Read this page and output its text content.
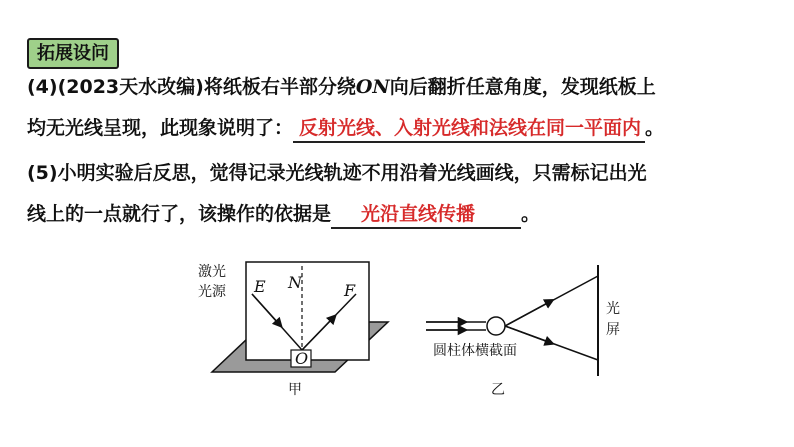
拓展设问
(4)(2023天水改编)将纸板右半部分绕ON向后翻折任意角度，发现纸板上
均无光线呈现，此现象说明了： 反射光线、入射光线和法线在同一平面内 。
(5)小明实验后反思，觉得记录光线轨迹不用沿着光线画线，只需标记出光
线上的一点就行了，该操作的依据是 光沿直线传播 。
激光
光源 E N	F
O
甲
光
屏
圆柱体横截面
乙
